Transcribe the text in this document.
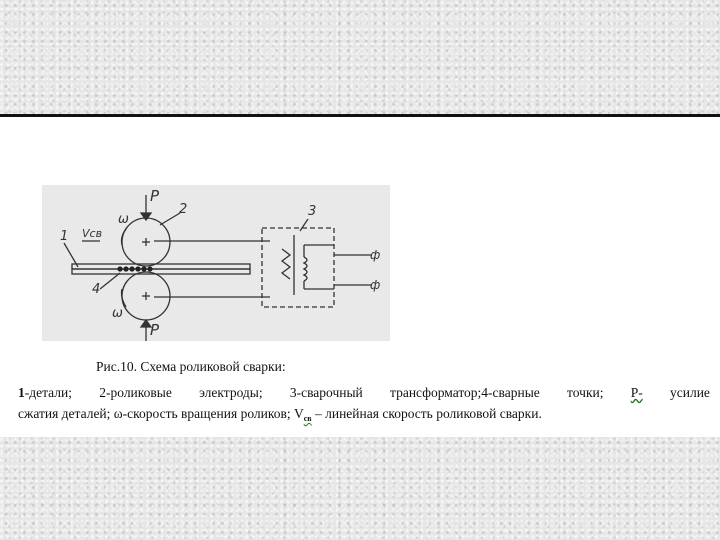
P
P
ω
ω
1
2	3
4
Vсв
ф
ф
Рис.10. Схема роликовой сварки:
1-детали; 2-роликовые электроды; 3-сварочный трансформатор;4-сварные точки; Р- усилие
сжатия деталей; ω-скорость вращения роликов; $V_{св}$ – линейная скорость роликовой сварки.
